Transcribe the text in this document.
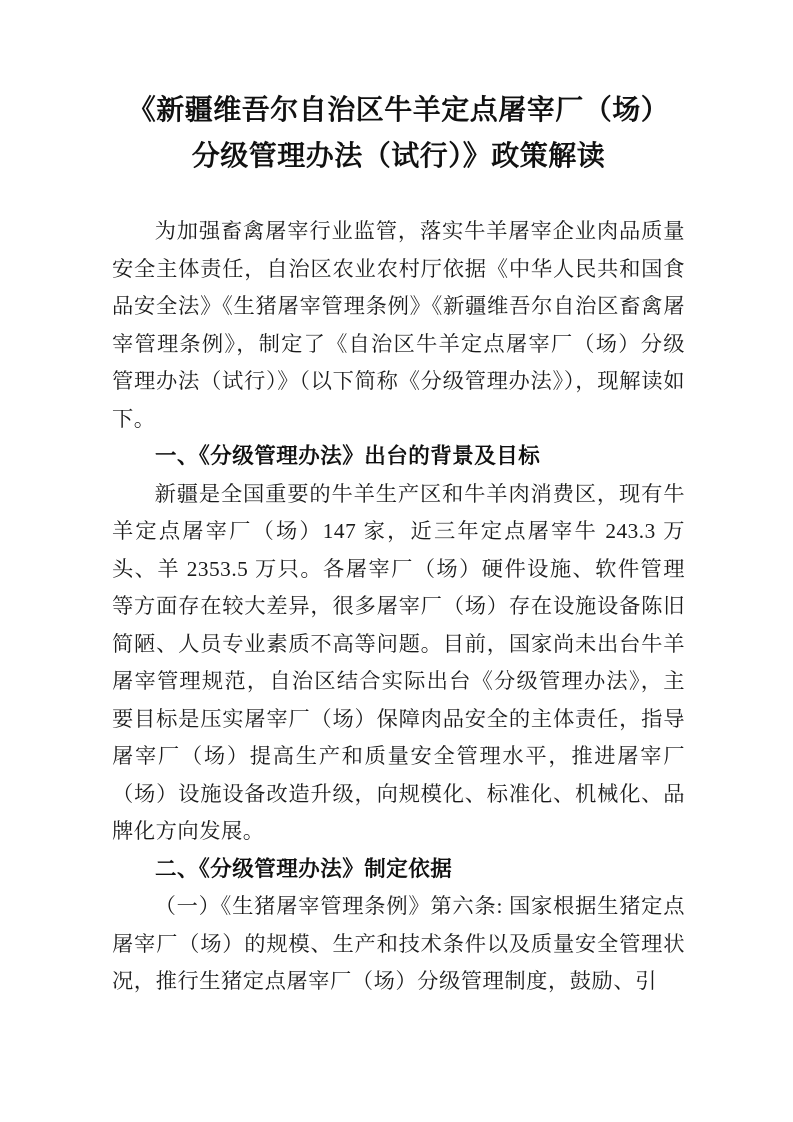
《新疆维吾尔自治区牛羊定点屠宰厂（场）
分级管理办法（试行）》政策解读

为加强畜禽屠宰行业监管，落实牛羊屠宰企业肉品质量安全主体责任，自治区农业农村厅依据《中华人民共和国食品安全法》《生猪屠宰管理条例》《新疆维吾尔自治区畜禽屠宰管理条例》，制定了《自治区牛羊定点屠宰厂（场）分级管理办法（试行）》（以下简称《分级管理办法》），现解读如下。

一、《分级管理办法》出台的背景及目标

新疆是全国重要的牛羊生产区和牛羊肉消费区，现有牛羊定点屠宰厂（场）147 家，近三年定点屠宰牛 243.3 万头、羊 2353.5 万只。各屠宰厂（场）硬件设施、软件管理等方面存在较大差异，很多屠宰厂（场）存在设施设备陈旧简陋、人员专业素质不高等问题。目前，国家尚未出台牛羊屠宰管理规范，自治区结合实际出台《分级管理办法》，主要目标是压实屠宰厂（场）保障肉品安全的主体责任，指导屠宰厂（场）提高生产和质量安全管理水平，推进屠宰厂（场）设施设备改造升级，向规模化、标准化、机械化、品牌化方向发展。

二、《分级管理办法》制定依据

（一）《生猪屠宰管理条例》第六条: 国家根据生猪定点屠宰厂（场）的规模、生产和技术条件以及质量安全管理状况，推行生猪定点屠宰厂（场）分级管理制度，鼓励、引
